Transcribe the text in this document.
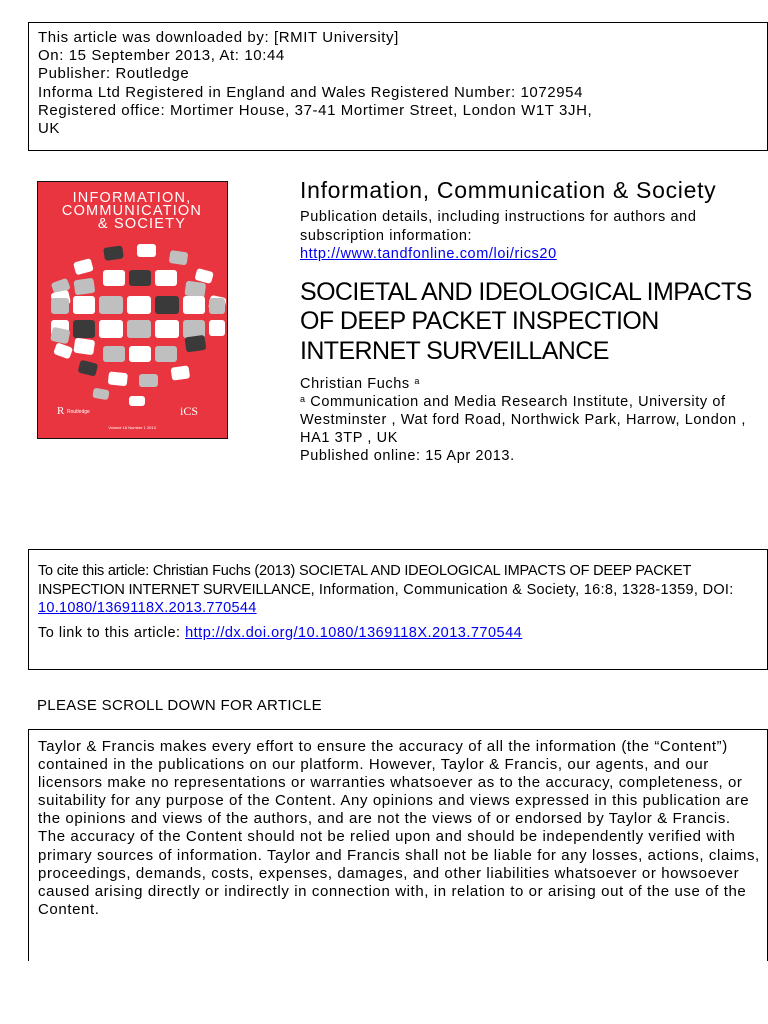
This article was downloaded by: [RMIT University]
On: 15 September 2013, At: 10:44
Publisher: Routledge
Informa Ltd Registered in England and Wales Registered Number: 1072954
Registered office: Mortimer House, 37-41 Mortimer Street, London W1T 3JH,
UK
INFORMATION,
COMMUNICATION
& SOCIETY
R Routledge	iCS
Volume 16 Number 1 2013
Information, Communication & Society
Publication details, including instructions for authors and subscription information:
http://www.tandfonline.com/loi/rics20
SOCIETAL AND IDEOLOGICAL IMPACTS OF DEEP PACKET INSPECTION INTERNET SURVEILLANCE
Christian Fuchs $^a$
$^a$ Communication and Media Research Institute, University of Westminster , Wat ford Road, Northwick Park, Harrow, London , HA1 3TP , UK
Published online: 15 Apr 2013.
To cite this article: Christian Fuchs (2013) SOCIETAL AND IDEOLOGICAL IMPACTS OF DEEP PACKET INSPECTION INTERNET SURVEILLANCE, Information, Communication & Society, 16:8, 1328-1359, DOI: 10.1080/1369118X.2013.770544
To link to this article: http://dx.doi.org/10.1080/1369118X.2013.770544
PLEASE SCROLL DOWN FOR ARTICLE
Taylor & Francis makes every effort to ensure the accuracy of all the information (the “Content”) contained in the publications on our platform. However, Taylor & Francis, our agents, and our licensors make no representations or warranties whatsoever as to the accuracy, completeness, or suitability for any purpose of the Content. Any opinions and views expressed in this publication are the opinions and views of the authors, and are not the views of or endorsed by Taylor & Francis. The accuracy of the Content should not be relied upon and should be independently verified with primary sources of information. Taylor and Francis shall not be liable for any losses, actions, claims, proceedings, demands, costs, expenses, damages, and other liabilities whatsoever or howsoever caused arising directly or indirectly in connection with, in relation to or arising out of the use of the Content.
